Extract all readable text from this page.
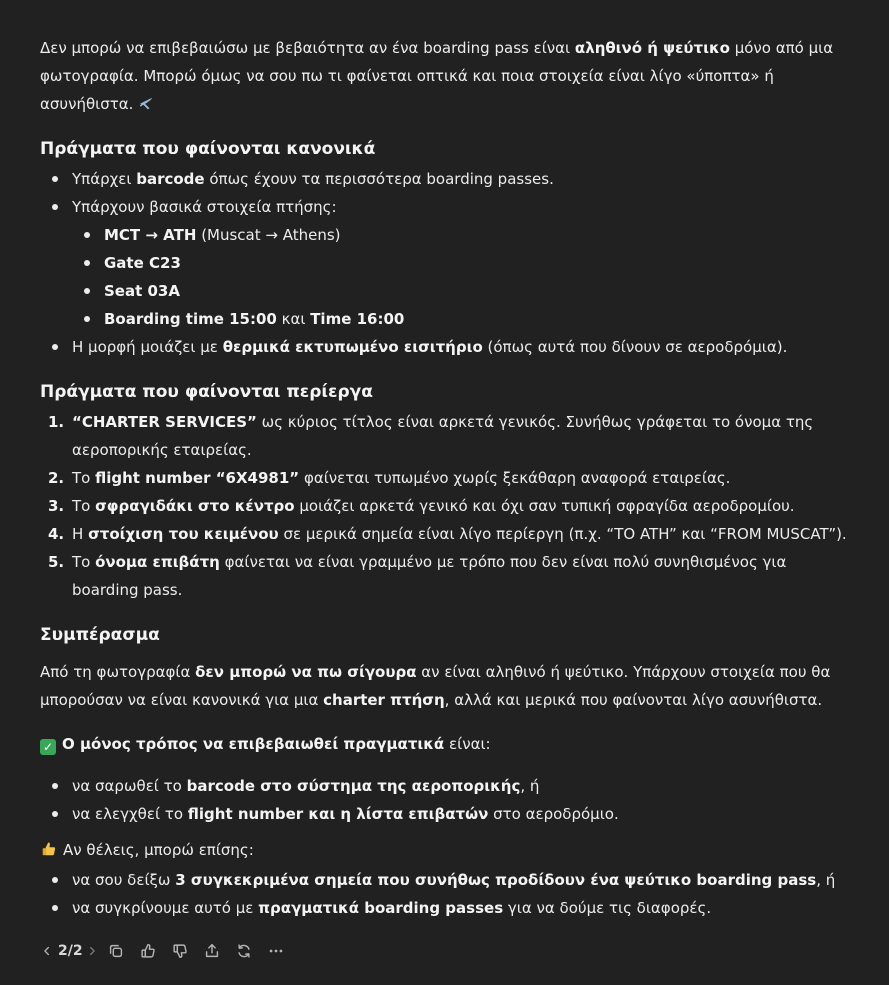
Δεν μπορώ να επιβεβαιώσω με βεβαιότητα αν ένα boarding pass είναι αληθινό ή ψεύτικο μόνο από μια φωτογραφία. Μπορώ όμως να σου πω τι φαίνεται οπτικά και ποια στοιχεία είναι λίγο «ύποπτα» ή ασυνήθιστα.

Πράγματα που φαίνονται κανονικά
Υπάρχει barcode όπως έχουν τα περισσότερα boarding passes.
Υπάρχουν βασικά στοιχεία πτήσης:
MCT → ATH (Muscat → Athens)
Gate C23
Seat 03A
Boarding time 15:00 και Time 16:00
Η μορφή μοιάζει με θερμικά εκτυπωμένο εισιτήριο (όπως αυτά που δίνουν σε αεροδρόμια).
Πράγματα που φαίνονται περίεργα
1. “CHARTER SERVICES” ως κύριος τίτλος είναι αρκετά γενικός. Συνήθως γράφεται το όνομα της αεροπορικής εταιρείας.
2. Το flight number “6X4981” φαίνεται τυπωμένο χωρίς ξεκάθαρη αναφορά εταιρείας.
3. Το σφραγιδάκι στο κέντρο μοιάζει αρκετά γενικό και όχι σαν τυπική σφραγίδα αεροδρομίου.
4. Η στοίχιση του κειμένου σε μερικά σημεία είναι λίγο περίεργη (π.χ. “TO ATH” και “FROM MUSCAT”).
5. Το όνομα επιβάτη φαίνεται να είναι γραμμένο με τρόπο που δεν είναι πολύ συνηθισμένος για boarding pass.
Συμπέρασμα

Από τη φωτογραφία δεν μπορώ να πω σίγουρα αν είναι αληθινό ή ψεύτικο. Υπάρχουν στοιχεία που θα μπορούσαν να είναι κανονικά για μια charter πτήση, αλλά και μερικά που φαίνονται λίγο ασυνήθιστα.

✓ Ο μόνος τρόπος να επιβεβαιωθεί πραγματικά είναι:

να σαρωθεί το barcode στο σύστημα της αεροπορικής, ή
να ελεγχθεί το flight number και η λίστα επιβατών στο αεροδρόμιο.

Αν θέλεις, μπορώ επίσης:

να σου δείξω 3 συγκεκριμένα σημεία που συνήθως προδίδουν ένα ψεύτικο boarding pass, ή
να συγκρίνουμε αυτό με πραγματικά boarding passes για να δούμε τις διαφορές.
2/2
